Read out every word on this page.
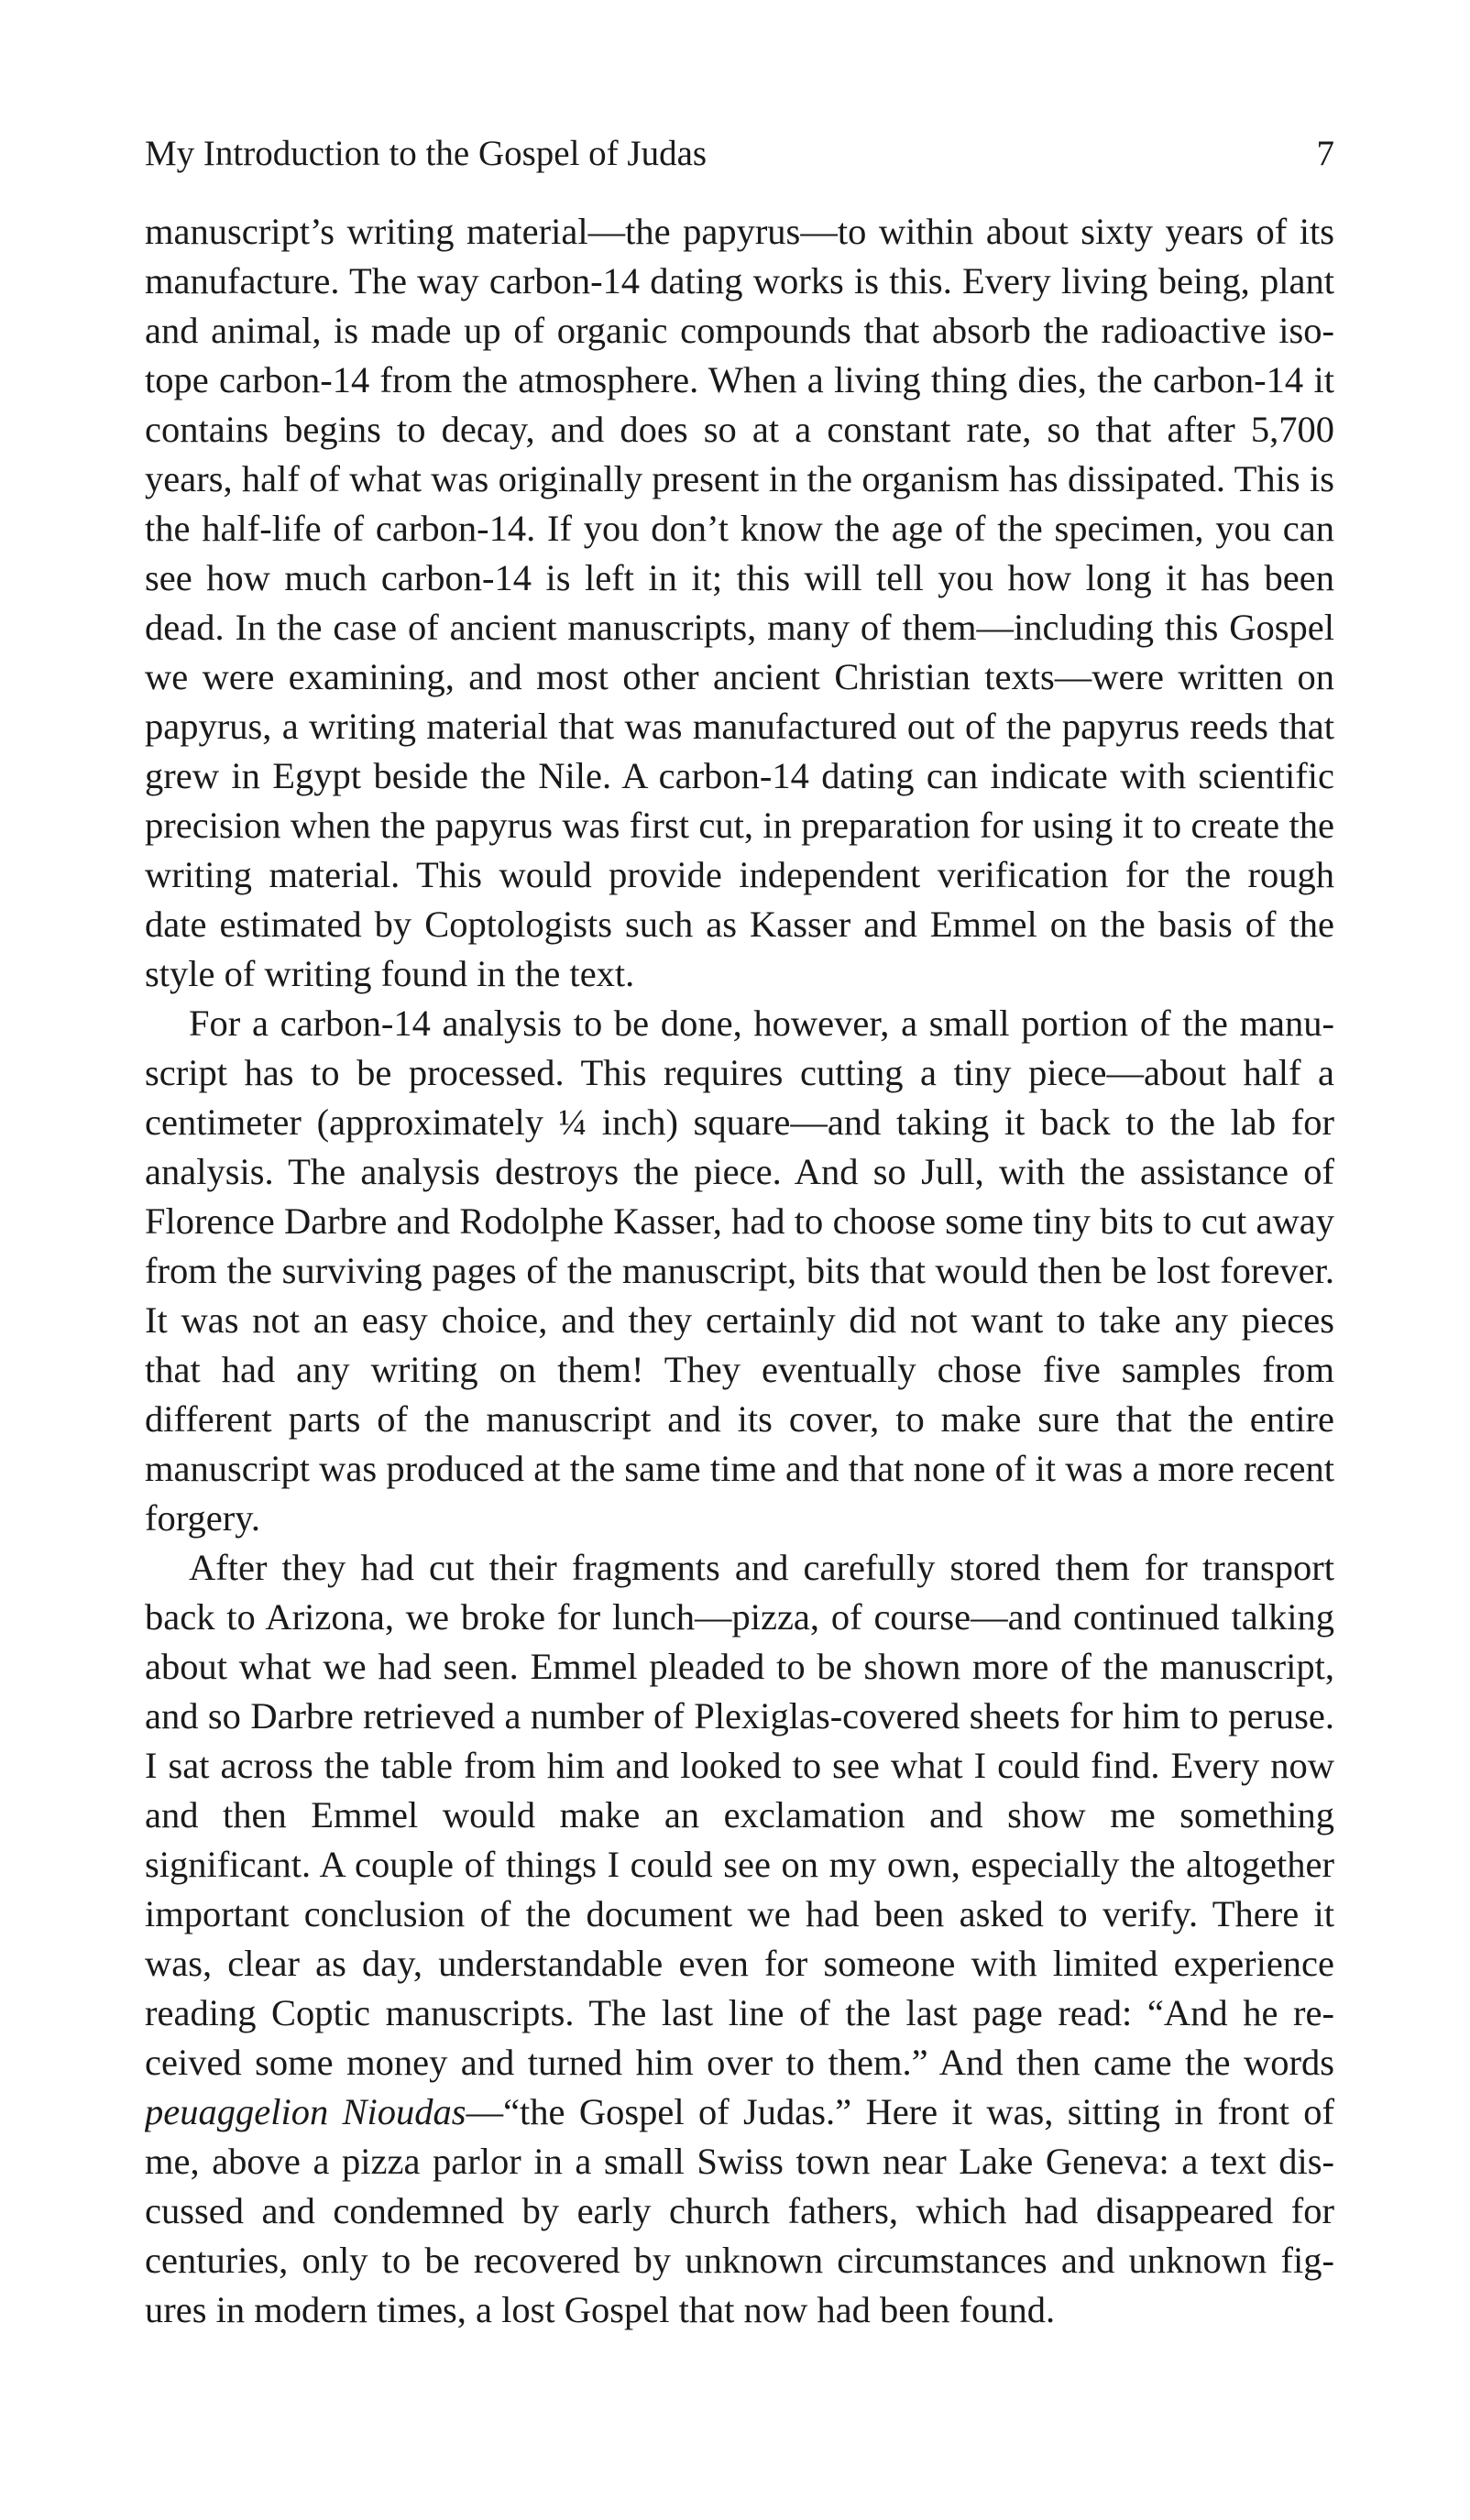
My Introduction to the Gospel of Judas	7

manuscript’s writing material—the papyrus—to within about sixty years of its manufacture. The way carbon-14 dating works is this. Every living being, plant and animal, is made up of organic compounds that absorb the radioactive isotope carbon-14 from the atmosphere. When a living thing dies, the carbon-14 it contains begins to decay, and does so at a constant rate, so that after 5,700 years, half of what was originally present in the organism has dissipated. This is the half-life of carbon-14. If you don’t know the age of the specimen, you can see how much carbon-14 is left in it; this will tell you how long it has been dead. In the case of ancient manuscripts, many of them—including this Gospel we were examining, and most other ancient Christian texts—were written on papyrus, a writing material that was manufactured out of the papyrus reeds that grew in Egypt beside the Nile. A carbon-14 dating can indicate with scientific precision when the papyrus was first cut, in preparation for using it to create the writing material. This would provide independent verification for the rough date estimated by Coptologists such as Kasser and Emmel on the basis of the style of writing found in the text.

For a carbon-14 analysis to be done, however, a small portion of the manuscript has to be processed. This requires cutting a tiny piece—about half a centimeter (approximately ¼ inch) square—and taking it back to the lab for analysis. The analysis destroys the piece. And so Jull, with the assistance of Florence Darbre and Rodolphe Kasser, had to choose some tiny bits to cut away from the surviving pages of the manuscript, bits that would then be lost forever. It was not an easy choice, and they certainly did not want to take any pieces that had any writing on them! They eventually chose five samples from different parts of the manuscript and its cover, to make sure that the entire manuscript was produced at the same time and that none of it was a more recent forgery.

After they had cut their fragments and carefully stored them for transport back to Arizona, we broke for lunch—pizza, of course—and continued talking about what we had seen. Emmel pleaded to be shown more of the manuscript, and so Darbre retrieved a number of Plexiglas-covered sheets for him to peruse. I sat across the table from him and looked to see what I could find. Every now and then Emmel would make an exclamation and show me something significant. A couple of things I could see on my own, especially the altogether important conclusion of the document we had been asked to verify. There it was, clear as day, understandable even for someone with limited experience reading Coptic manuscripts. The last line of the last page read: “And he received some money and turned him over to them.” And then came the words peuaggelion Nioudas—“the Gospel of Judas.” Here it was, sitting in front of me, above a pizza parlor in a small Swiss town near Lake Geneva: a text discussed and condemned by early church fathers, which had disappeared for centuries, only to be recovered by unknown circumstances and unknown figures in modern times, a lost Gospel that now had been found.
